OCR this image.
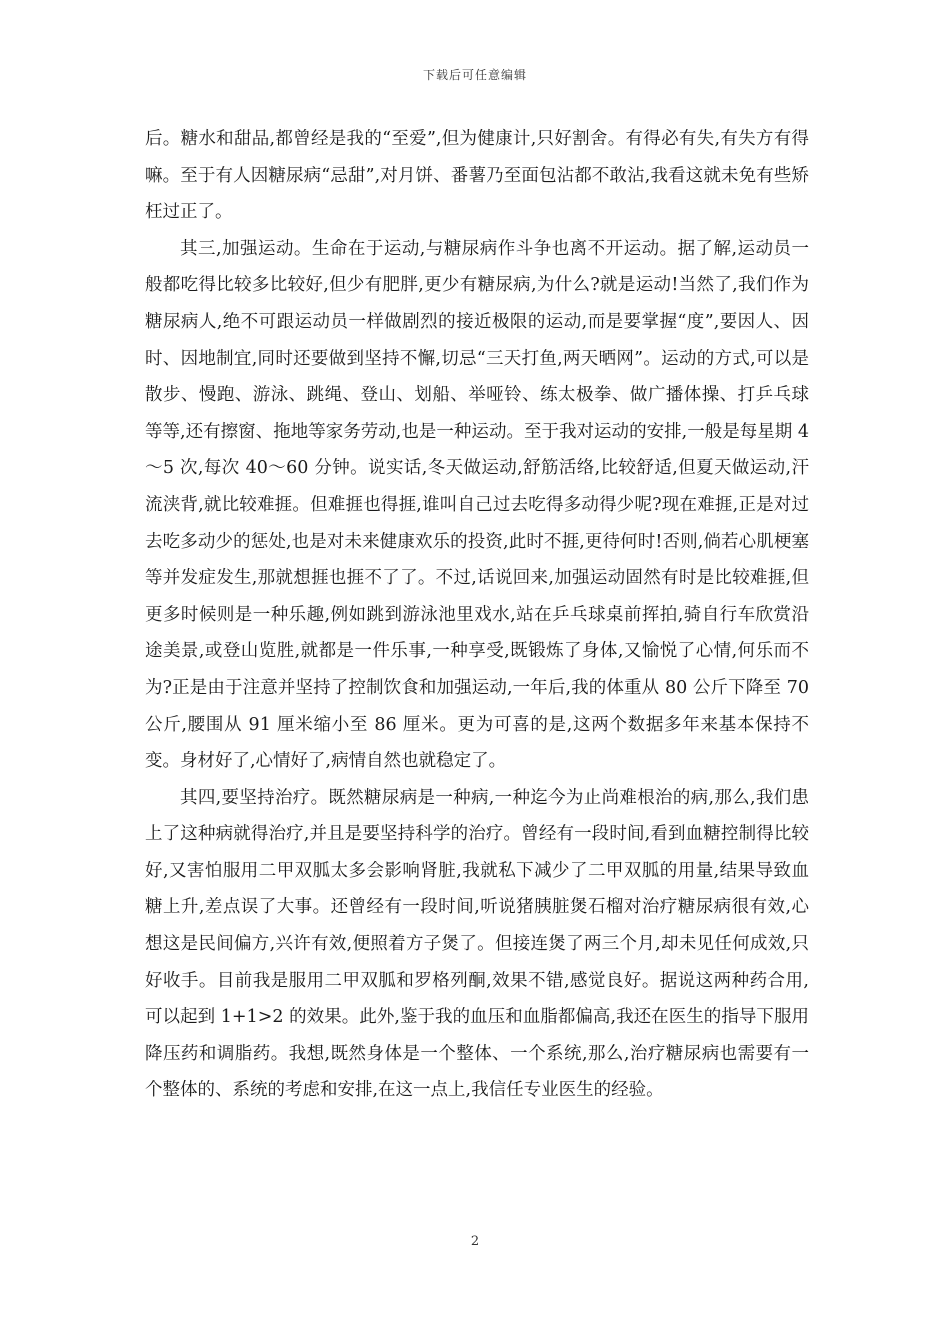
下载后可任意编辑

后。糖水和甜品,都曾经是我的“至爱”,但为健康计,只好割舍。有得必有失,有失方有得嘛。至于有人因糖尿病“忌甜”,对月饼、番薯乃至面包沾都不敢沾,我看这就未免有些矫枉过正了。

其三,加强运动。生命在于运动,与糖尿病作斗争也离不开运动。据了解,运动员一般都吃得比较多比较好,但少有肥胖,更少有糖尿病,为什么?就是运动!当然了,我们作为糖尿病人,绝不可跟运动员一样做剧烈的接近极限的运动,而是要掌握“度”,要因人、因时、因地制宜,同时还要做到坚持不懈,切忌“三天打鱼,两天晒网”。运动的方式,可以是散步、慢跑、游泳、跳绳、登山、划船、举哑铃、练太极拳、做广播体操、打乒乓球等等,还有擦窗、拖地等家务劳动,也是一种运动。至于我对运动的安排,一般是每星期 4～5 次,每次 40～60 分钟。说实话,冬天做运动,舒筋活络,比较舒适,但夏天做运动,汗流浃背,就比较难捱。但难捱也得捱,谁叫自己过去吃得多动得少呢?现在难捱,正是对过去吃多动少的惩处,也是对未来健康欢乐的投资,此时不捱,更待何时!否则,倘若心肌梗塞等并发症发生,那就想捱也捱不了了。不过,话说回来,加强运动固然有时是比较难捱,但更多时候则是一种乐趣,例如跳到游泳池里戏水,站在乒乓球桌前挥拍,骑自行车欣赏沿途美景,或登山览胜,就都是一件乐事,一种享受,既锻炼了身体,又愉悦了心情,何乐而不为?正是由于注意并坚持了控制饮食和加强运动,一年后,我的体重从 80 公斤下降至 70 公斤,腰围从 91 厘米缩小至 86 厘米。更为可喜的是,这两个数据多年来基本保持不变。身材好了,心情好了,病情自然也就稳定了。

其四,要坚持治疗。既然糖尿病是一种病,一种迄今为止尚难根治的病,那么,我们患上了这种病就得治疗,并且是要坚持科学的治疗。曾经有一段时间,看到血糖控制得比较好,又害怕服用二甲双胍太多会影响肾脏,我就私下减少了二甲双胍的用量,结果导致血糖上升,差点误了大事。还曾经有一段时间,听说猪胰脏煲石榴对治疗糖尿病很有效,心想这是民间偏方,兴许有效,便照着方子煲了。但接连煲了两三个月,却未见任何成效,只好收手。目前我是服用二甲双胍和罗格列酮,效果不错,感觉良好。据说这两种药合用,可以起到 1+1>2 的效果。此外,鉴于我的血压和血脂都偏高,我还在医生的指导下服用降压药和调脂药。我想,既然身体是一个整体、一个系统,那么,治疗糖尿病也需要有一个整体的、系统的考虑和安排,在这一点上,我信任专业医生的经验。

2
